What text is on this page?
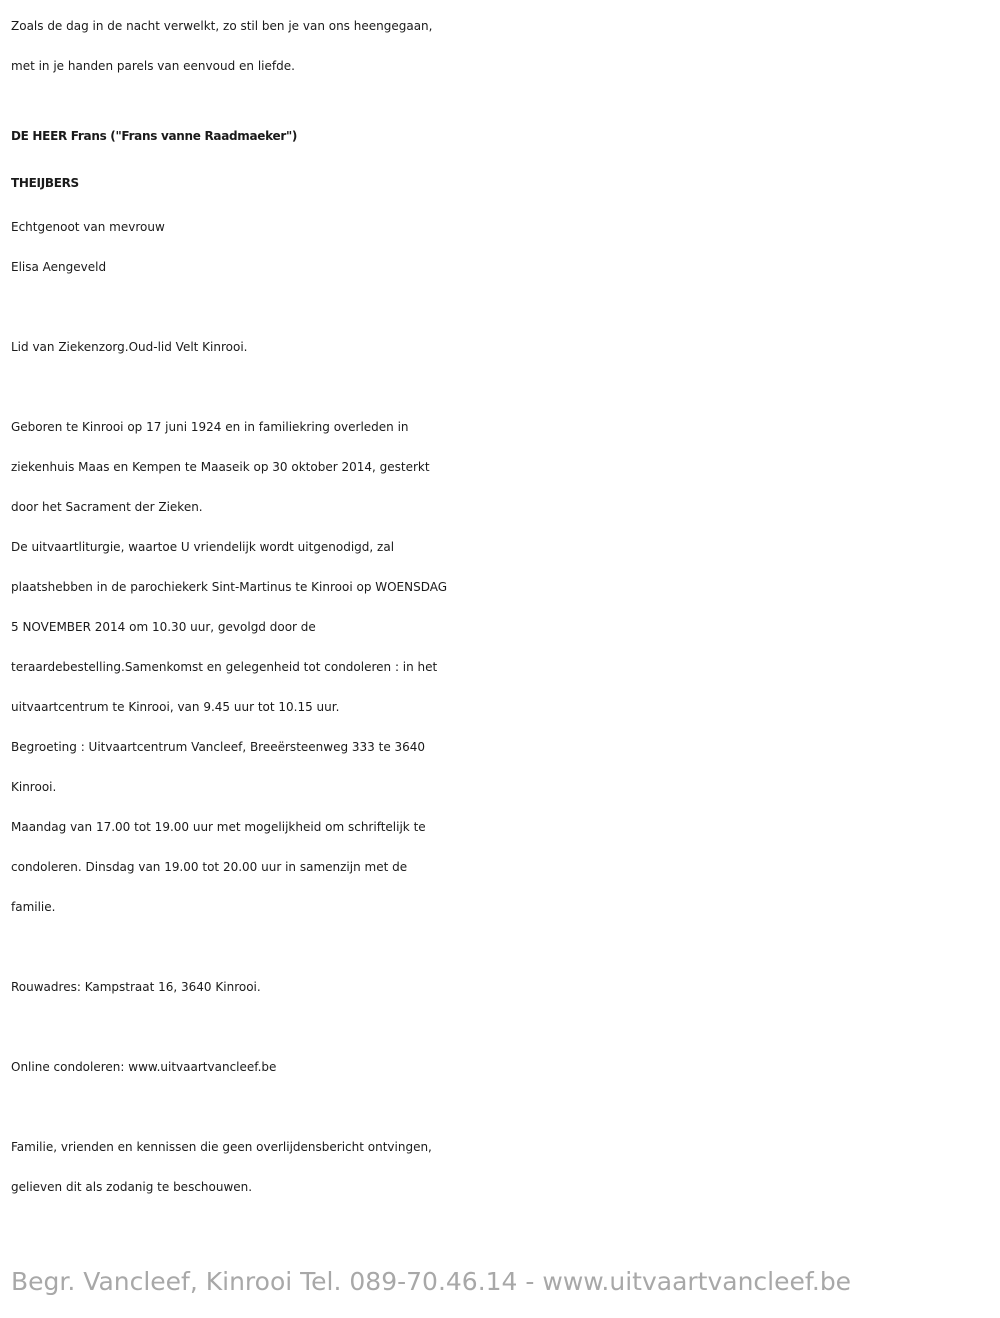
Zoals de dag in de nacht verwelkt, zo stil ben je van ons heengegaan,

met in je handen parels van eenvoud en liefde.

DE HEER Frans ("Frans vanne Raadmaeker")

THEIJBERS

Echtgenoot van mevrouw

Elisa Aengeveld

Lid van Ziekenzorg.Oud-lid Velt Kinrooi.

Geboren te Kinrooi op 17 juni 1924 en in familiekring overleden in

ziekenhuis Maas en Kempen te Maaseik op 30 oktober 2014, gesterkt

door het Sacrament der Zieken.

De uitvaartliturgie, waartoe U vriendelijk wordt uitgenodigd, zal

plaatshebben in de parochiekerk Sint-Martinus te Kinrooi op WOENSDAG

5 NOVEMBER 2014 om 10.30 uur, gevolgd door de

teraardebestelling.Samenkomst en gelegenheid tot condoleren : in het

uitvaartcentrum te Kinrooi, van 9.45 uur tot 10.15 uur.

Begroeting : Uitvaartcentrum Vancleef, Breeërsteenweg 333 te 3640

Kinrooi.

Maandag van 17.00 tot 19.00 uur met mogelijkheid om schriftelijk te

condoleren. Dinsdag van 19.00 tot 20.00 uur in samenzijn met de

familie.

Rouwadres: Kampstraat 16, 3640 Kinrooi.

Online condoleren: www.uitvaartvancleef.be

Familie, vrienden en kennissen die geen overlijdensbericht ontvingen,

gelieven dit als zodanig te beschouwen.

Begr. Vancleef, Kinrooi Tel. 089-70.46.14 - www.uitvaartvancleef.be
